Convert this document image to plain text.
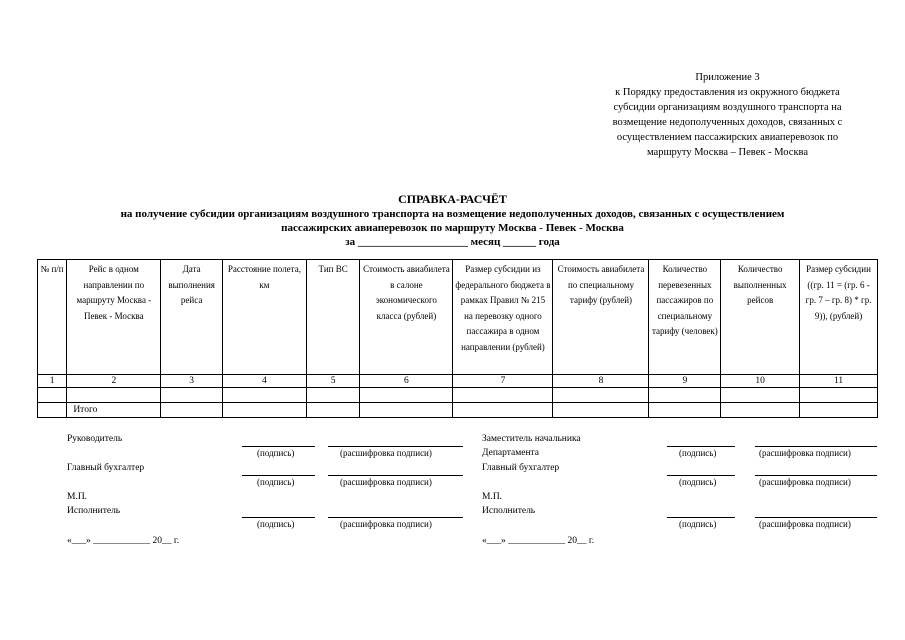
Приложение 3
к Порядку предоставления из окружного бюджета
субсидии организациям воздушного транспорта на
возмещение недополученных доходов, связанных с
осуществлением пассажирских авиаперевозок по
маршруту Москва – Певек - Москва
СПРАВКА-РАСЧЁТ
на получение субсидии организациям воздушного транспорта на возмещение недополученных доходов, связанных с осуществлением
пассажирских авиаперевозок по маршруту Москва - Певек - Москва
за ____________________ месяц ______ года
№ п/п	Рейс в одном направлении по маршруту Москва - Певек - Москва	Дата выполнения рейса	Расстояние полета, км	Тип ВС	Стоимость авиабилета в салоне экономического класса (рублей)	Размер субсидии из федерального бюджета в рамках Правил № 215 на перевозку одного пассажира в одном направлении (рублей)	Стоимость авиабилета по специальному тарифу (рублей)	Количество перевезенных пассажиров по специальному тарифу (человек)	Количество выполненных рейсов	Размер субсидии ((гр. 11 = (гр. 6 - гр. 7 – гр. 8) * гр. 9)), (рублей)
1	2	3	4	5	6	7	8	9	10	11

	Итого									
Руководитель
(подпись)	(расшифровка подписи)
Главный бухгалтер
(подпись)	(расшифровка подписи)
М.П.
Исполнитель
(подпись)	(расшифровка подписи)
«___» ____________ 20__ г.
Заместитель начальника
Департамента	(подпись)	(расшифровка подписи)
Главный бухгалтер
(подпись)	(расшифровка подписи)
М.П.
Исполнитель
(подпись)	(расшифровка подписи)
«___» ____________ 20__ г.
